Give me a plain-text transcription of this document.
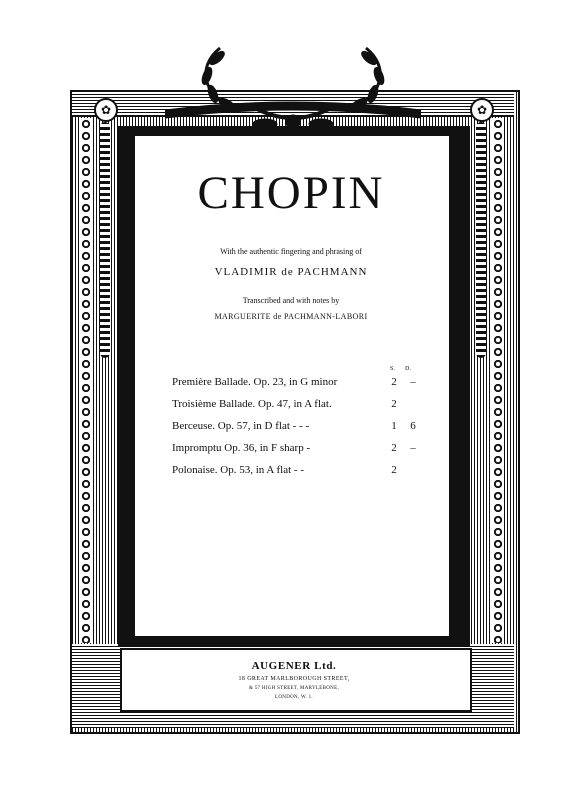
✿	✿
CHOPIN
With the authentic fingering and phrasing of
VLADIMIR de PACHMANN
Transcribed and with notes by
MARGUERITE de PACHMANN-LABORI
S. D.
Première Ballade. Op. 23, in G minor	2	–
Troisième Ballade. Op. 47, in A flat.	2
Berceuse. Op. 57, in D flat - - -	1	6
Impromptu Op. 36, in F sharp -	2	–
Polonaise. Op. 53, in A flat - -	2
AUGENER Ltd.
18 GREAT MARLBOROUGH STREET,
& 57 HIGH STREET, MARYLEBONE,
LONDON, W. 1.
